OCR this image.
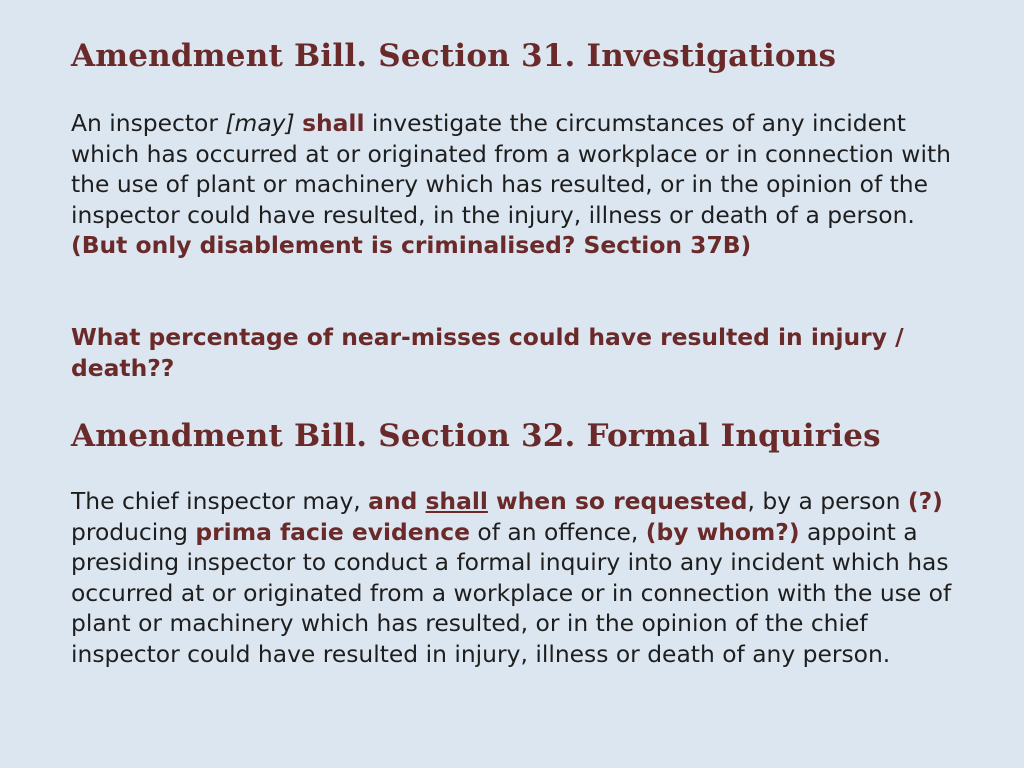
Amendment Bill. Section 31. Investigations

An inspector [may] shall investigate the circumstances of any incident which has occurred at or originated from a workplace or in connection with the use of plant or machinery which has resulted, or in the opinion of the inspector could have resulted, in the injury, illness or death of a person. (But only disablement is criminalised? Section 37B)

What percentage of near-misses could have resulted in injury / death??

Amendment Bill. Section 32. Formal Inquiries

The chief inspector may, and shall when so requested, by a person (?) producing prima facie evidence of an offence, (by whom?) appoint a presiding inspector to conduct a formal inquiry into any incident which has occurred at or originated from a workplace or in connection with the use of plant or machinery which has resulted, or in the opinion of the chief inspector could have resulted in injury, illness or death of any person.
